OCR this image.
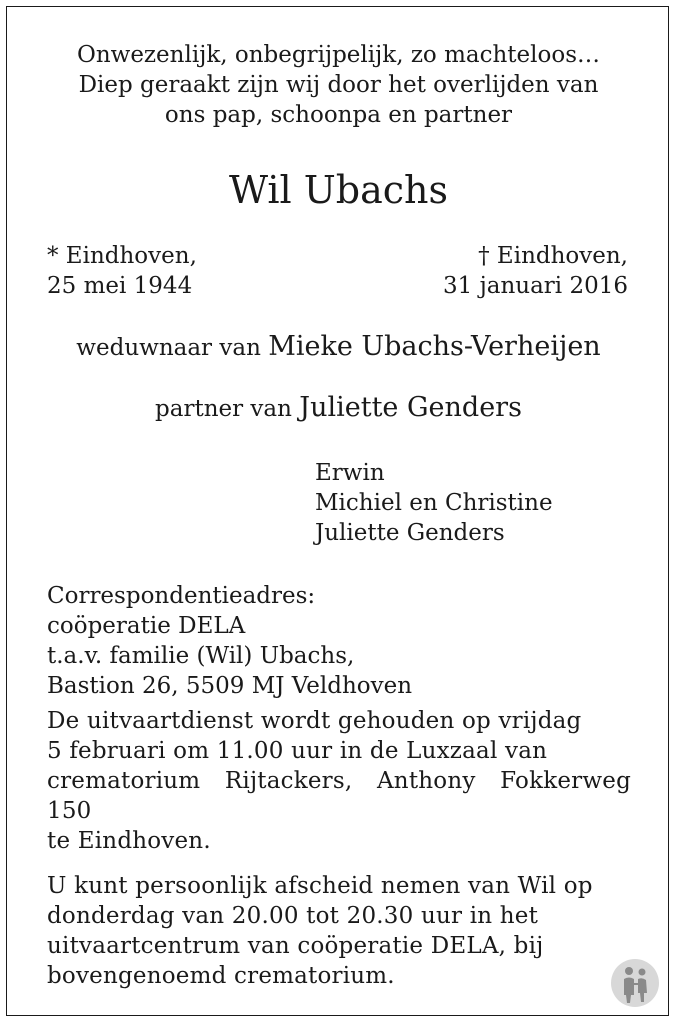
Onwezenlijk, onbegrijpelijk, zo machteloos…
Diep geraakt zijn wij door het overlijden van
ons pap, schoonpa en partner
Wil Ubachs
* Eindhoven,
25 mei 1944
† Eindhoven,
31 januari 2016
weduwnaar van Mieke Ubachs-Verheijen
partner van Juliette Genders
Erwin
Michiel en Christine
Juliette Genders
Correspondentieadres:
coöperatie DELA
t.a.v. familie (Wil) Ubachs,
Bastion 26, 5509 MJ Veldhoven
De uitvaartdienst wordt gehouden op vrijdag
5 februari om 11.00 uur in de Luxzaal van
crematorium Rijtackers, Anthony Fokkerweg 150
te Eindhoven.
U kunt persoonlijk afscheid nemen van Wil op
donderdag van 20.00 tot 20.30 uur in het
uitvaartcentrum van coöperatie DELA, bij
bovengenoemd crematorium.
